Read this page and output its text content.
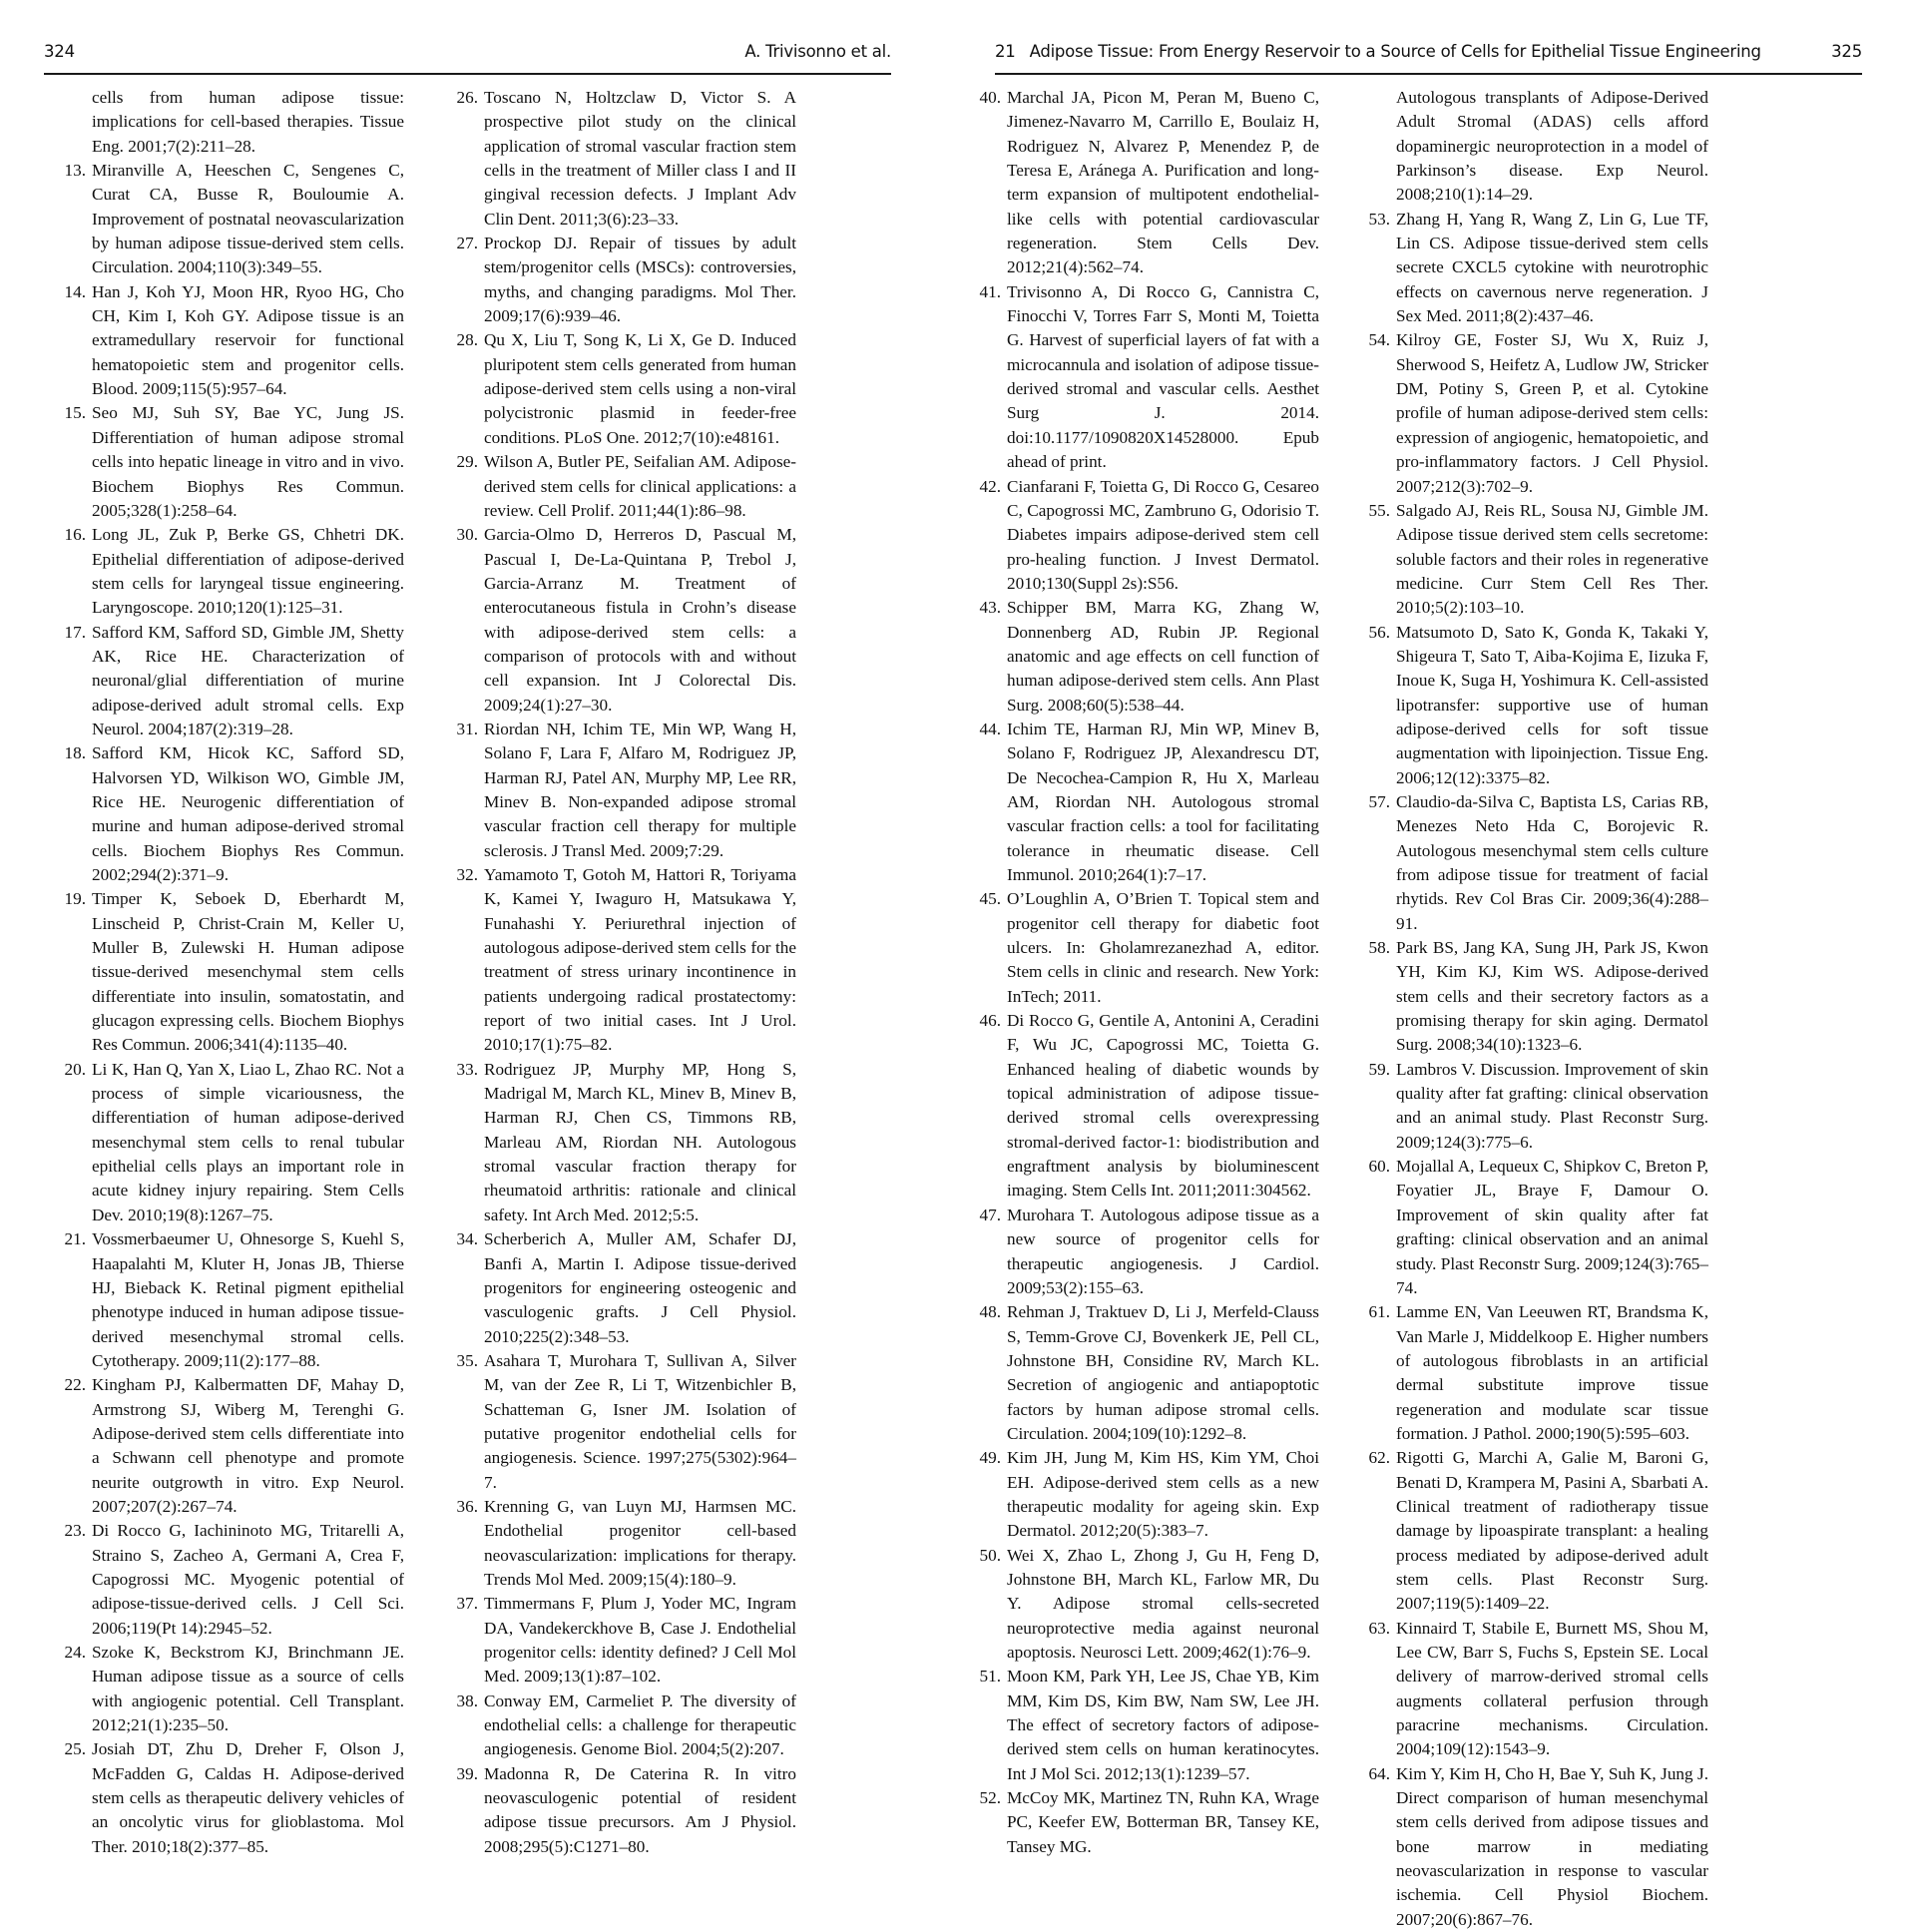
324	A. Trivisonno et al.

cells from human adipose tissue: implications for cell-based therapies. Tissue Eng. 2001;7(2):211–28.

13. Miranville A, Heeschen C, Sengenes C, Curat CA, Busse R, Bouloumie A. Improvement of postnatal neovascularization by human adipose tissue-derived stem cells. Circulation. 2004;110(3):349–55.
14. Han J, Koh YJ, Moon HR, Ryoo HG, Cho CH, Kim I, Koh GY. Adipose tissue is an extramedullary reservoir for functional hematopoietic stem and progenitor cells. Blood. 2009;115(5):957–64.
15. Seo MJ, Suh SY, Bae YC, Jung JS. Differentiation of human adipose stromal cells into hepatic lineage in vitro and in vivo. Biochem Biophys Res Commun. 2005;328(1):258–64.
16. Long JL, Zuk P, Berke GS, Chhetri DK. Epithelial differentiation of adipose-derived stem cells for laryngeal tissue engineering. Laryngoscope. 2010;120(1):125–31.
17. Safford KM, Safford SD, Gimble JM, Shetty AK, Rice HE. Characterization of neuronal/glial differentiation of murine adipose-derived adult stromal cells. Exp Neurol. 2004;187(2):319–28.
18. Safford KM, Hicok KC, Safford SD, Halvorsen YD, Wilkison WO, Gimble JM, Rice HE. Neurogenic differentiation of murine and human adipose-derived stromal cells. Biochem Biophys Res Commun. 2002;294(2):371–9.
19. Timper K, Seboek D, Eberhardt M, Linscheid P, Christ-Crain M, Keller U, Muller B, Zulewski H. Human adipose tissue-derived mesenchymal stem cells differentiate into insulin, somatostatin, and glucagon expressing cells. Biochem Biophys Res Commun. 2006;341(4):1135–40.
20. Li K, Han Q, Yan X, Liao L, Zhao RC. Not a process of simple vicariousness, the differentiation of human adipose-derived mesenchymal stem cells to renal tubular epithelial cells plays an important role in acute kidney injury repairing. Stem Cells Dev. 2010;19(8):1267–75.
21. Vossmerbaeumer U, Ohnesorge S, Kuehl S, Haapalahti M, Kluter H, Jonas JB, Thierse HJ, Bieback K. Retinal pigment epithelial phenotype induced in human adipose tissue-derived mesenchymal stromal cells. Cytotherapy. 2009;11(2):177–88.
22. Kingham PJ, Kalbermatten DF, Mahay D, Armstrong SJ, Wiberg M, Terenghi G. Adipose-derived stem cells differentiate into a Schwann cell phenotype and promote neurite outgrowth in vitro. Exp Neurol. 2007;207(2):267–74.
23. Di Rocco G, Iachininoto MG, Tritarelli A, Straino S, Zacheo A, Germani A, Crea F, Capogrossi MC. Myogenic potential of adipose-tissue-derived cells. J Cell Sci. 2006;119(Pt 14):2945–52.
24. Szoke K, Beckstrom KJ, Brinchmann JE. Human adipose tissue as a source of cells with angiogenic potential. Cell Transplant. 2012;21(1):235–50.
25. Josiah DT, Zhu D, Dreher F, Olson J, McFadden G, Caldas H. Adipose-derived stem cells as therapeutic delivery vehicles of an oncolytic virus for glioblastoma. Mol Ther. 2010;18(2):377–85.
26. Toscano N, Holtzclaw D, Victor S. A prospective pilot study on the clinical application of stromal vascular fraction stem cells in the treatment of Miller class I and II gingival recession defects. J Implant Adv Clin Dent. 2011;3(6):23–33.
27. Prockop DJ. Repair of tissues by adult stem/progenitor cells (MSCs): controversies, myths, and changing paradigms. Mol Ther. 2009;17(6):939–46.
28. Qu X, Liu T, Song K, Li X, Ge D. Induced pluripotent stem cells generated from human adipose-derived stem cells using a non-viral polycistronic plasmid in feeder-free conditions. PLoS One. 2012;7(10):e48161.
29. Wilson A, Butler PE, Seifalian AM. Adipose-derived stem cells for clinical applications: a review. Cell Prolif. 2011;44(1):86–98.
30. Garcia-Olmo D, Herreros D, Pascual M, Pascual I, De-La-Quintana P, Trebol J, Garcia-Arranz M. Treatment of enterocutaneous fistula in Crohn’s disease with adipose-derived stem cells: a comparison of protocols with and without cell expansion. Int J Colorectal Dis. 2009;24(1):27–30.
31. Riordan NH, Ichim TE, Min WP, Wang H, Solano F, Lara F, Alfaro M, Rodriguez JP, Harman RJ, Patel AN, Murphy MP, Lee RR, Minev B. Non-expanded adipose stromal vascular fraction cell therapy for multiple sclerosis. J Transl Med. 2009;7:29.
32. Yamamoto T, Gotoh M, Hattori R, Toriyama K, Kamei Y, Iwaguro H, Matsukawa Y, Funahashi Y. Periurethral injection of autologous adipose-derived stem cells for the treatment of stress urinary incontinence in patients undergoing radical prostatectomy: report of two initial cases. Int J Urol. 2010;17(1):75–82.
33. Rodriguez JP, Murphy MP, Hong S, Madrigal M, March KL, Minev B, Minev B, Harman RJ, Chen CS, Timmons RB, Marleau AM, Riordan NH. Autologous stromal vascular fraction therapy for rheumatoid arthritis: rationale and clinical safety. Int Arch Med. 2012;5:5.
34. Scherberich A, Muller AM, Schafer DJ, Banfi A, Martin I. Adipose tissue-derived progenitors for engineering osteogenic and vasculogenic grafts. J Cell Physiol. 2010;225(2):348–53.
35. Asahara T, Murohara T, Sullivan A, Silver M, van der Zee R, Li T, Witzenbichler B, Schatteman G, Isner JM. Isolation of putative progenitor endothelial cells for angiogenesis. Science. 1997;275(5302):964–7.
36. Krenning G, van Luyn MJ, Harmsen MC. Endothelial progenitor cell-based neovascularization: implications for therapy. Trends Mol Med. 2009;15(4):180–9.
37. Timmermans F, Plum J, Yoder MC, Ingram DA, Vandekerckhove B, Case J. Endothelial progenitor cells: identity defined? J Cell Mol Med. 2009;13(1):87–102.
38. Conway EM, Carmeliet P. The diversity of endothelial cells: a challenge for therapeutic angiogenesis. Genome Biol. 2004;5(2):207.
39. Madonna R, De Caterina R. In vitro neovasculogenic potential of resident adipose tissue precursors. Am J Physiol. 2008;295(5):C1271–80.
21 Adipose Tissue: From Energy Reservoir to a Source of Cells for Epithelial Tissue Engineering	325
40. Marchal JA, Picon M, Peran M, Bueno C, Jimenez-Navarro M, Carrillo E, Boulaiz H, Rodriguez N, Alvarez P, Menendez P, de Teresa E, Aránega A. Purification and long-term expansion of multipotent endothelial-like cells with potential cardiovascular regeneration. Stem Cells Dev. 2012;21(4):562–74.
41. Trivisonno A, Di Rocco G, Cannistra C, Finocchi V, Torres Farr S, Monti M, Toietta G. Harvest of superficial layers of fat with a microcannula and isolation of adipose tissue-derived stromal and vascular cells. Aesthet Surg J. 2014. doi:10.1177/1090820X14528000. Epub ahead of print.
42. Cianfarani F, Toietta G, Di Rocco G, Cesareo C, Capogrossi MC, Zambruno G, Odorisio T. Diabetes impairs adipose-derived stem cell pro-healing function. J Invest Dermatol. 2010;130(Suppl 2s):S56.
43. Schipper BM, Marra KG, Zhang W, Donnenberg AD, Rubin JP. Regional anatomic and age effects on cell function of human adipose-derived stem cells. Ann Plast Surg. 2008;60(5):538–44.
44. Ichim TE, Harman RJ, Min WP, Minev B, Solano F, Rodriguez JP, Alexandrescu DT, De Necochea-Campion R, Hu X, Marleau AM, Riordan NH. Autologous stromal vascular fraction cells: a tool for facilitating tolerance in rheumatic disease. Cell Immunol. 2010;264(1):7–17.
45. O’Loughlin A, O’Brien T. Topical stem and progenitor cell therapy for diabetic foot ulcers. In: Gholamrezanezhad A, editor. Stem cells in clinic and research. New York: InTech; 2011.
46. Di Rocco G, Gentile A, Antonini A, Ceradini F, Wu JC, Capogrossi MC, Toietta G. Enhanced healing of diabetic wounds by topical administration of adipose tissue-derived stromal cells overexpressing stromal-derived factor-1: biodistribution and engraftment analysis by bioluminescent imaging. Stem Cells Int. 2011;2011:304562.
47. Murohara T. Autologous adipose tissue as a new source of progenitor cells for therapeutic angiogenesis. J Cardiol. 2009;53(2):155–63.
48. Rehman J, Traktuev D, Li J, Merfeld-Clauss S, Temm-Grove CJ, Bovenkerk JE, Pell CL, Johnstone BH, Considine RV, March KL. Secretion of angiogenic and antiapoptotic factors by human adipose stromal cells. Circulation. 2004;109(10):1292–8.
49. Kim JH, Jung M, Kim HS, Kim YM, Choi EH. Adipose-derived stem cells as a new therapeutic modality for ageing skin. Exp Dermatol. 2012;20(5):383–7.
50. Wei X, Zhao L, Zhong J, Gu H, Feng D, Johnstone BH, March KL, Farlow MR, Du Y. Adipose stromal cells-secreted neuroprotective media against neuronal apoptosis. Neurosci Lett. 2009;462(1):76–9.
51. Moon KM, Park YH, Lee JS, Chae YB, Kim MM, Kim DS, Kim BW, Nam SW, Lee JH. The effect of secretory factors of adipose-derived stem cells on human keratinocytes. Int J Mol Sci. 2012;13(1):1239–57.
52. McCoy MK, Martinez TN, Ruhn KA, Wrage PC, Keefer EW, Botterman BR, Tansey KE, Tansey MG.

Autologous transplants of Adipose-Derived Adult Stromal (ADAS) cells afford dopaminergic neuroprotection in a model of Parkinson’s disease. Exp Neurol. 2008;210(1):14–29.

53. Zhang H, Yang R, Wang Z, Lin G, Lue TF, Lin CS. Adipose tissue-derived stem cells secrete CXCL5 cytokine with neurotrophic effects on cavernous nerve regeneration. J Sex Med. 2011;8(2):437–46.
54. Kilroy GE, Foster SJ, Wu X, Ruiz J, Sherwood S, Heifetz A, Ludlow JW, Stricker DM, Potiny S, Green P, et al. Cytokine profile of human adipose-derived stem cells: expression of angiogenic, hematopoietic, and pro-inflammatory factors. J Cell Physiol. 2007;212(3):702–9.
55. Salgado AJ, Reis RL, Sousa NJ, Gimble JM. Adipose tissue derived stem cells secretome: soluble factors and their roles in regenerative medicine. Curr Stem Cell Res Ther. 2010;5(2):103–10.
56. Matsumoto D, Sato K, Gonda K, Takaki Y, Shigeura T, Sato T, Aiba-Kojima E, Iizuka F, Inoue K, Suga H, Yoshimura K. Cell-assisted lipotransfer: supportive use of human adipose-derived cells for soft tissue augmentation with lipoinjection. Tissue Eng. 2006;12(12):3375–82.
57. Claudio-da-Silva C, Baptista LS, Carias RB, Menezes Neto Hda C, Borojevic R. Autologous mesenchymal stem cells culture from adipose tissue for treatment of facial rhytids. Rev Col Bras Cir. 2009;36(4):288–91.
58. Park BS, Jang KA, Sung JH, Park JS, Kwon YH, Kim KJ, Kim WS. Adipose-derived stem cells and their secretory factors as a promising therapy for skin aging. Dermatol Surg. 2008;34(10):1323–6.
59. Lambros V. Discussion. Improvement of skin quality after fat grafting: clinical observation and an animal study. Plast Reconstr Surg. 2009;124(3):775–6.
60. Mojallal A, Lequeux C, Shipkov C, Breton P, Foyatier JL, Braye F, Damour O. Improvement of skin quality after fat grafting: clinical observation and an animal study. Plast Reconstr Surg. 2009;124(3):765–74.
61. Lamme EN, Van Leeuwen RT, Brandsma K, Van Marle J, Middelkoop E. Higher numbers of autologous fibroblasts in an artificial dermal substitute improve tissue regeneration and modulate scar tissue formation. J Pathol. 2000;190(5):595–603.
62. Rigotti G, Marchi A, Galie M, Baroni G, Benati D, Krampera M, Pasini A, Sbarbati A. Clinical treatment of radiotherapy tissue damage by lipoaspirate transplant: a healing process mediated by adipose-derived adult stem cells. Plast Reconstr Surg. 2007;119(5):1409–22.
63. Kinnaird T, Stabile E, Burnett MS, Shou M, Lee CW, Barr S, Fuchs S, Epstein SE. Local delivery of marrow-derived stromal cells augments collateral perfusion through paracrine mechanisms. Circulation. 2004;109(12):1543–9.
64. Kim Y, Kim H, Cho H, Bae Y, Suh K, Jung J. Direct comparison of human mesenchymal stem cells derived from adipose tissues and bone marrow in mediating neovascularization in response to vascular ischemia. Cell Physiol Biochem. 2007;20(6):867–76.
